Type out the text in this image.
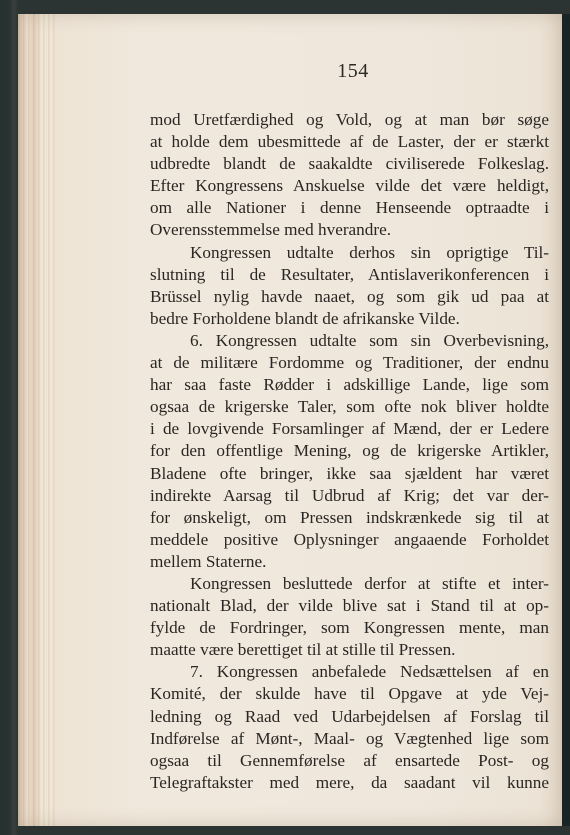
154
mod Uretfærdighed og Vold, og at man bør søge
at holde dem ubesmittede af de Laster, der er stærkt
udbredte blandt de saakaldte civiliserede Folkeslag.
Efter Kongressens Anskuelse vilde det være heldigt,
om alle Nationer i denne Henseende optraadte i
Overensstemmelse med hverandre.
Kongressen udtalte derhos sin oprigtige Til-
slutning til de Resultater, Antislaverikonferencen i
Brüssel nylig havde naaet, og som gik ud paa at
bedre Forholdene blandt de afrikanske Vilde.
6. Kongressen udtalte som sin Overbevisning,
at de militære Fordomme og Traditioner, der endnu
har saa faste Rødder i adskillige Lande, lige som
ogsaa de krigerske Taler, som ofte nok bliver holdte
i de lovgivende Forsamlinger af Mænd, der er Ledere
for den offentlige Mening, og de krigerske Artikler,
Bladene ofte bringer, ikke saa sjældent har været
indirekte Aarsag til Udbrud af Krig; det var der-
for ønskeligt, om Pressen indskrænkede sig til at
meddele positive Oplysninger angaaende Forholdet
mellem Staterne.
Kongressen besluttede derfor at stifte et inter-
nationalt Blad, der vilde blive sat i Stand til at op-
fylde de Fordringer, som Kongressen mente, man
maatte være berettiget til at stille til Pressen.
7. Kongressen anbefalede Nedsættelsen af en
Komité, der skulde have til Opgave at yde Vej-
ledning og Raad ved Udarbejdelsen af Forslag til
Indførelse af Mønt-, Maal- og Vægtenhed lige som
ogsaa til Gennemførelse af ensartede Post- og
Telegraftakster med mere, da saadant vil kunne
